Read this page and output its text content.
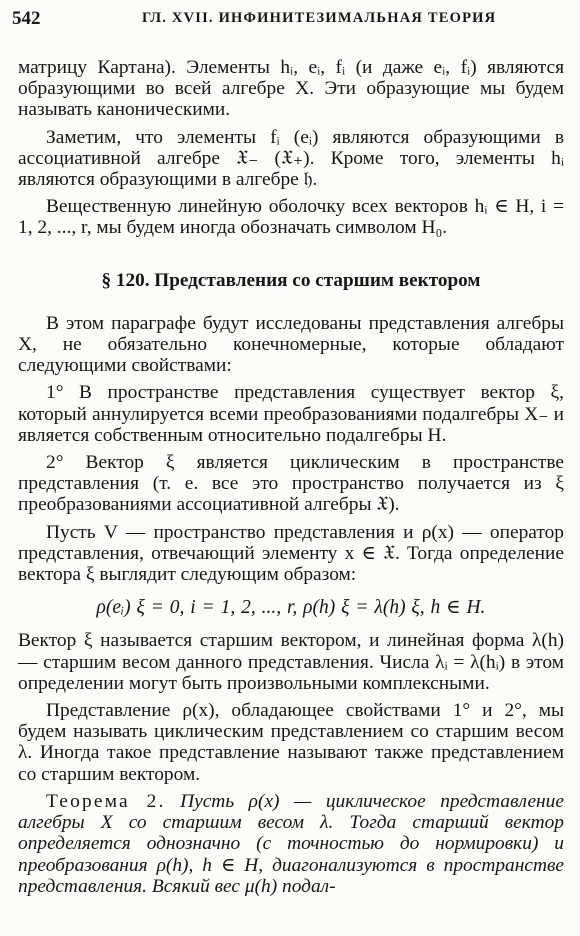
542	ГЛ. XVII. ИНФИНИТЕЗИМАЛЬНАЯ ТЕОРИЯ

матрицу Картана). Элементы hᵢ, eᵢ, fᵢ (и даже eᵢ, fᵢ) являются образующими во всей алгебре X. Эти образующие мы будем называть каноническими.

Заметим, что элементы fᵢ (eᵢ) являются образующими в ассоциативной алгебре 𝔛₋ (𝔛₊). Кроме того, элементы hᵢ являются образующими в алгебре 𝔥.

Вещественную линейную оболочку всех векторов hᵢ ∈ H, i = 1, 2, ..., r, мы будем иногда обозначать символом H₀.

§ 120. Представления со старшим вектором

В этом параграфе будут исследованы представления алгебры X, не обязательно конечномерные, которые обладают следующими свойствами:

1° В пространстве представления существует вектор ξ, который аннулируется всеми преобразованиями подалгебры X₋ и является собственным относительно подалгебры H.

2° Вектор ξ является циклическим в пространстве представления (т. е. все это пространство получается из ξ преобразованиями ассоциативной алгебры 𝔛).

Пусть V — пространство представления и ρ(x) — оператор представления, отвечающий элементу x ∈ 𝔛. Тогда определение вектора ξ выглядит следующим образом:

ρ(eᵢ) ξ = 0, i = 1, 2, ..., r, ρ(h) ξ = λ(h) ξ, h ∈ H.

Вектор ξ называется старшим вектором, и линейная форма λ(h) — старшим весом данного представления. Числа λᵢ = λ(hᵢ) в этом определении могут быть произвольными комплексными.

Представление ρ(x), обладающее свойствами 1° и 2°, мы будем называть циклическим представлением со старшим весом λ. Иногда такое представление называют также представлением со старшим вектором.

Теорема 2. Пусть ρ(x) — циклическое представление алгебры X со старшим весом λ. Тогда старший вектор определяется однозначно (с точностью до нормировки) и преобразования ρ(h), h ∈ H, диагонализуются в пространстве представления. Всякий вес μ(h) подал-
